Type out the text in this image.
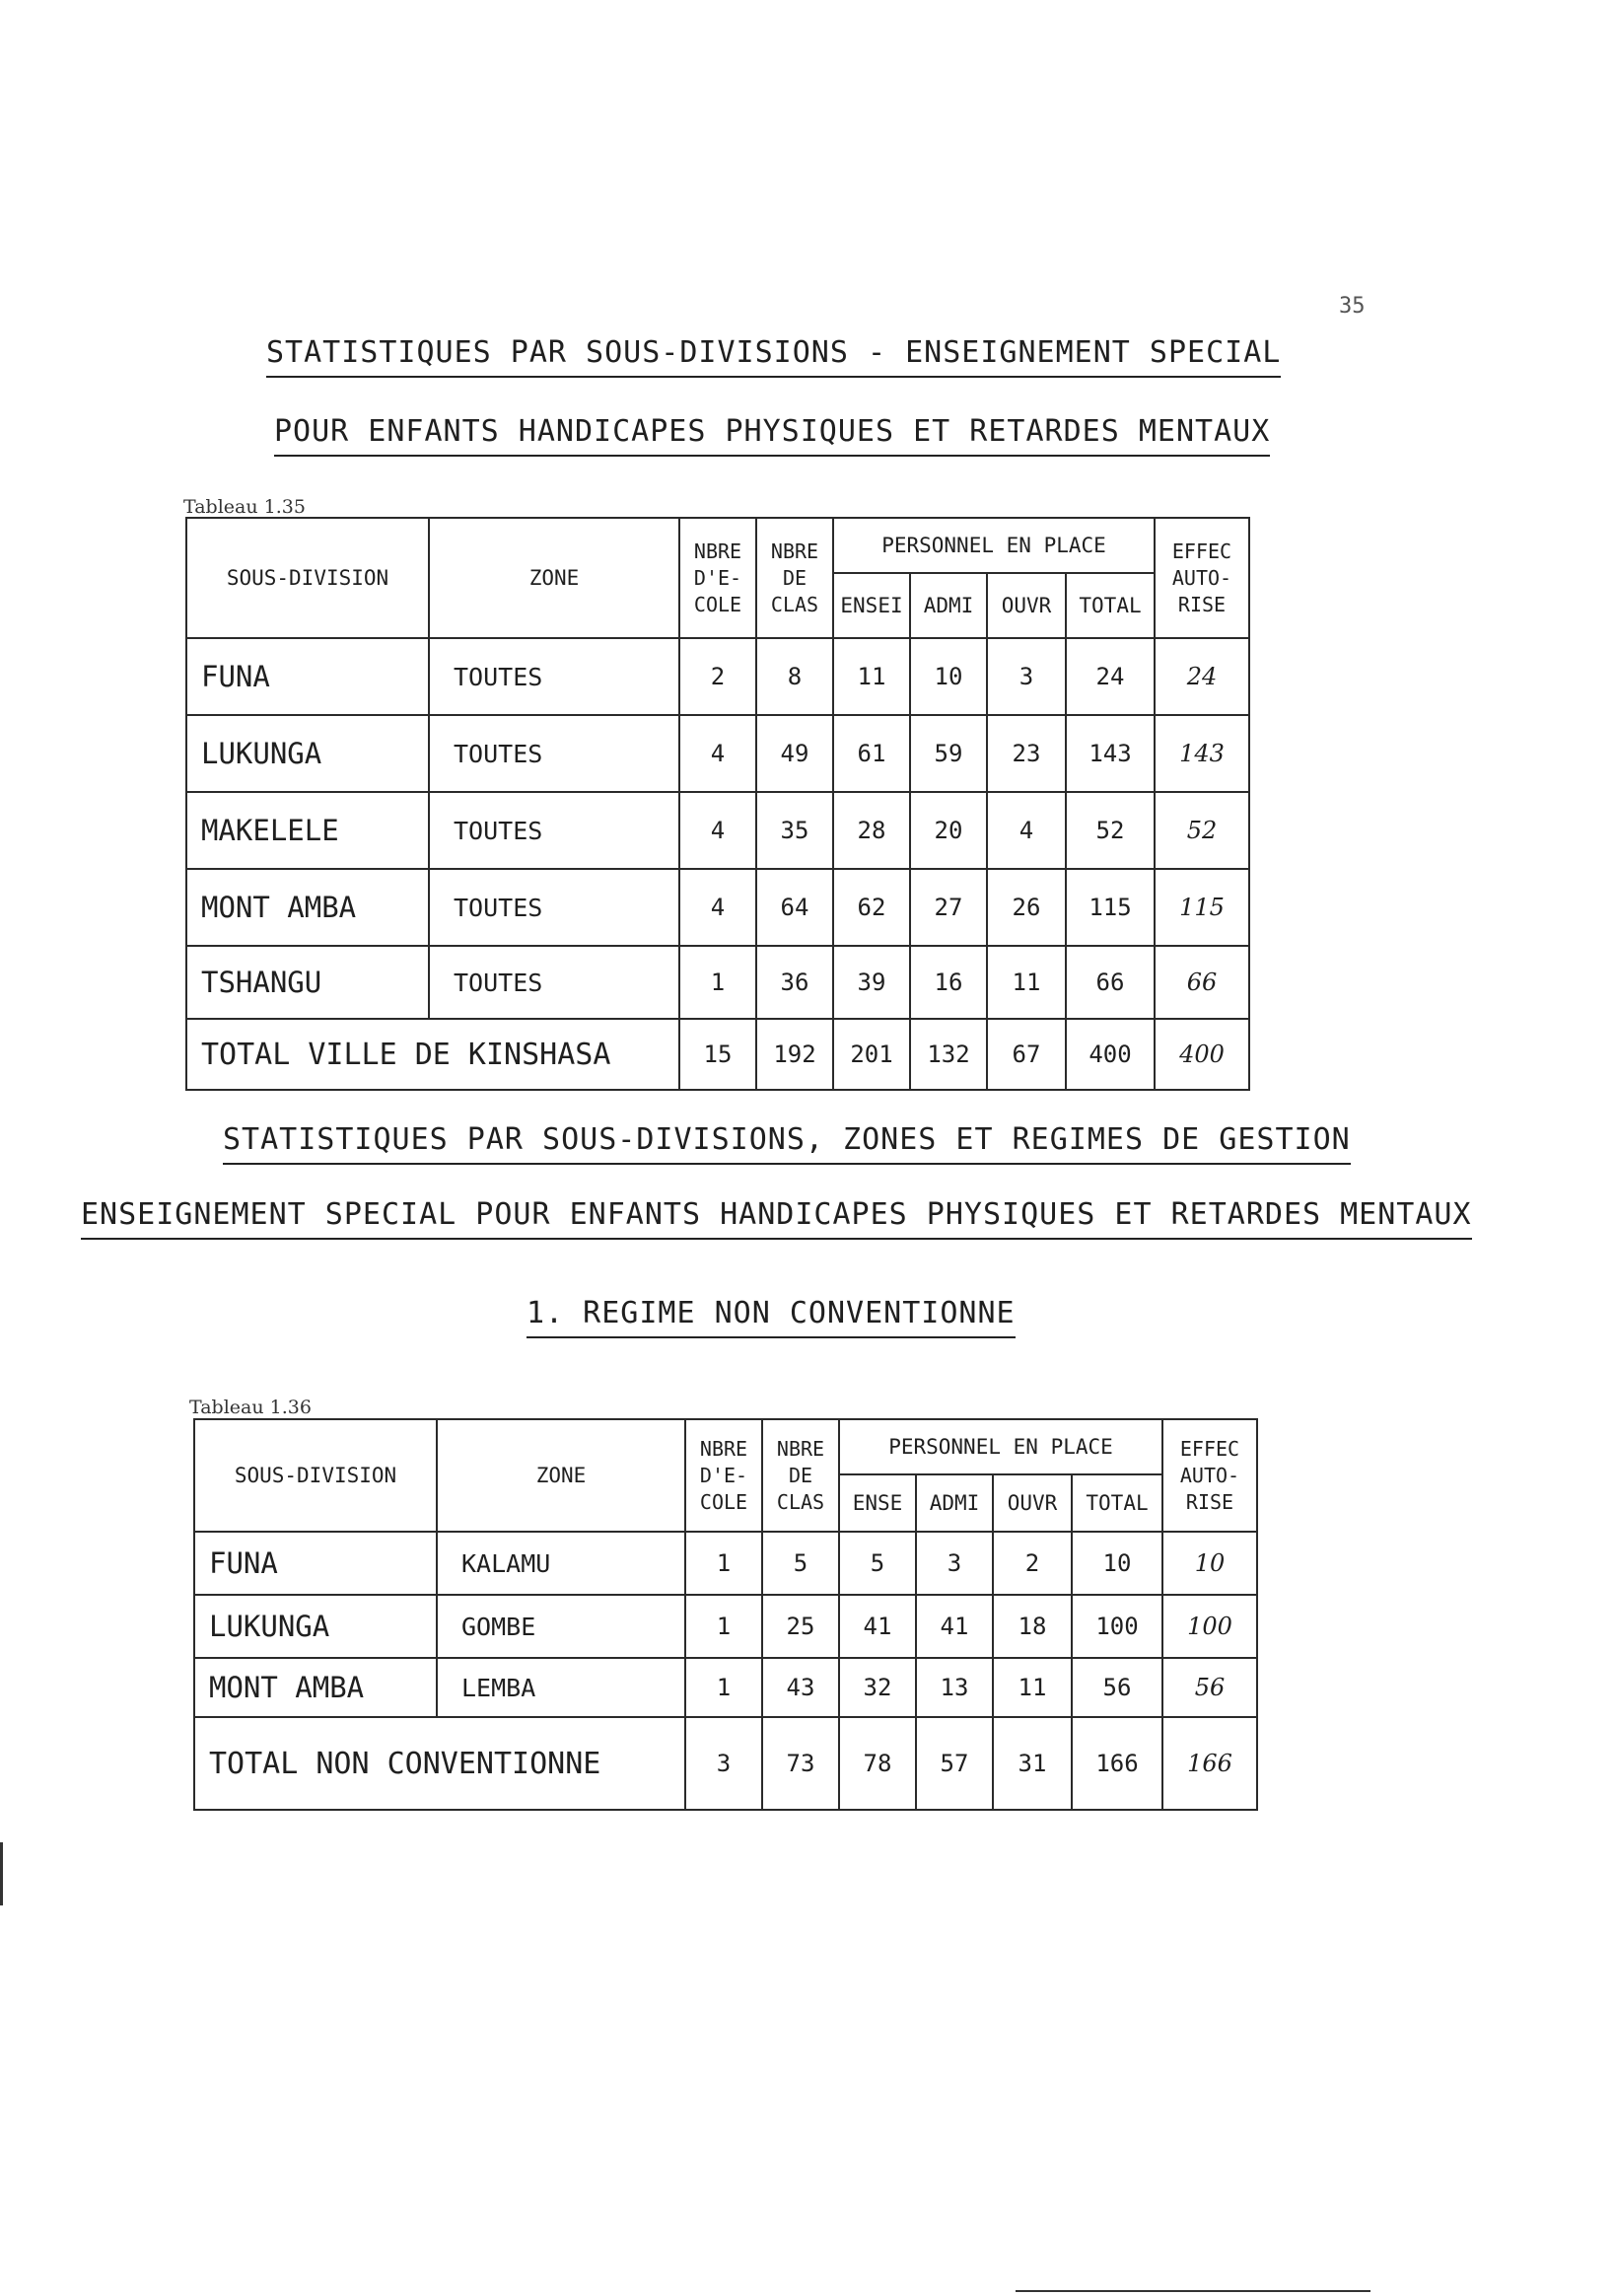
35
STATISTIQUES PAR SOUS-DIVISIONS - ENSEIGNEMENT SPECIAL
POUR ENFANTS HANDICAPES PHYSIQUES ET RETARDES MENTAUX
Tableau 1.35
SOUS-DIVISION	ZONE	NBRE
D'E-
COLE	NBRE
DE
CLAS	PERSONNEL EN PLACE				EFFEC
AUTO-
RISE
				ENSEI	ADMI	OUVR	TOTAL	
FUNA	TOUTES	2	8	11	10	3	24	24
LUKUNGA	TOUTES	4	49	61	59	23	143	143
MAKELELE	TOUTES	4	35	28	20	4	52	52
MONT AMBA	TOUTES	4	64	62	27	26	115	115
TSHANGU	TOUTES	1	36	39	16	11	66	66
TOTAL VILLE DE KINSHASA		15	192	201	132	67	400	400
STATISTIQUES PAR SOUS-DIVISIONS, ZONES ET REGIMES DE GESTION
ENSEIGNEMENT SPECIAL POUR ENFANTS HANDICAPES PHYSIQUES ET RETARDES MENTAUX
1. REGIME NON CONVENTIONNE
Tableau 1.36
SOUS-DIVISION	ZONE	NBRE
D'E-
COLE	NBRE
DE
CLAS	PERSONNEL EN PLACE				EFFEC
AUTO-
RISE
				ENSE	ADMI	OUVR	TOTAL	
FUNA	KALAMU	1	5	5	3	2	10	10
LUKUNGA	GOMBE	1	25	41	41	18	100	100
MONT AMBA	LEMBA	1	43	32	13	11	56	56
TOTAL NON CONVENTIONNE		3	73	78	57	31	166	166
